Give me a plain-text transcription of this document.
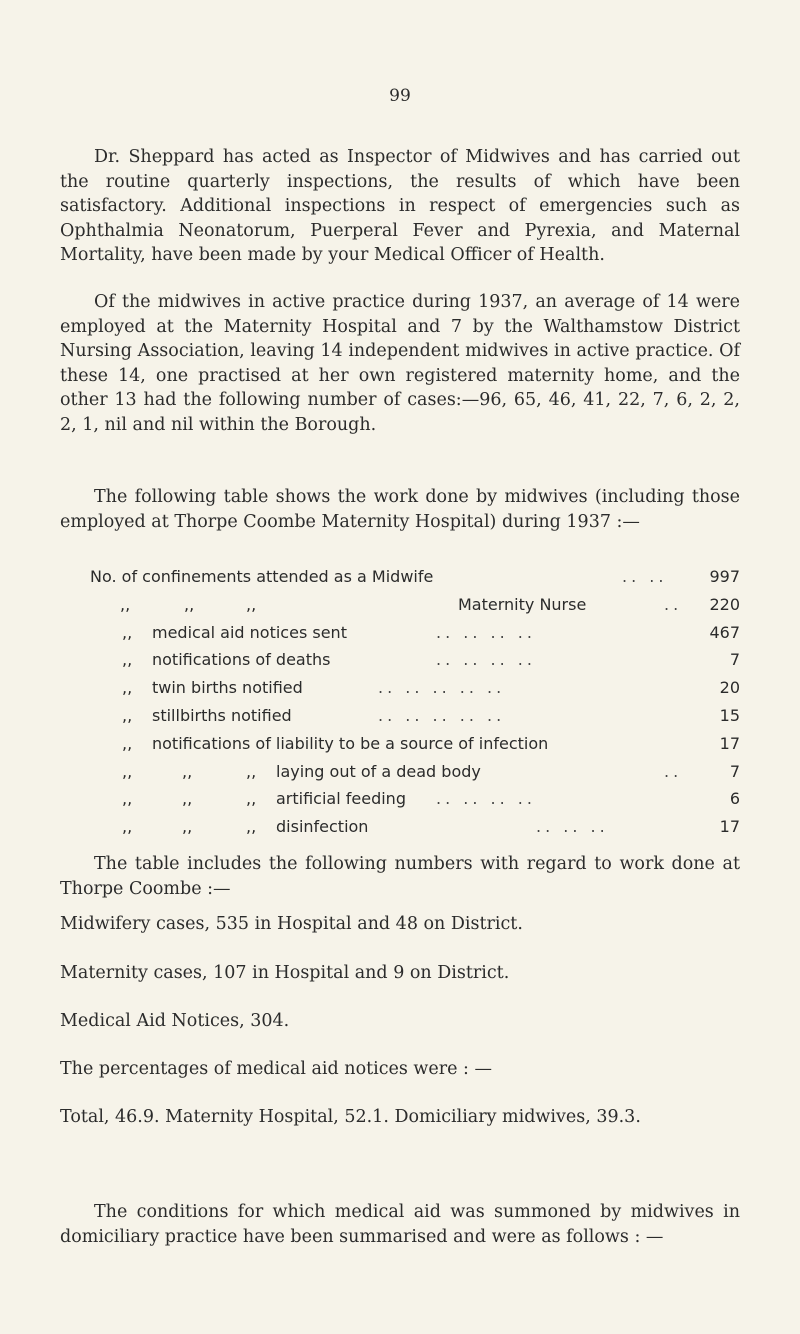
99

Dr. Sheppard has acted as Inspector of Midwives and has carried out the routine quarterly inspections, the results of which have been satisfactory. Additional inspections in respect of emergencies such as Ophthalmia Neonatorum, Puerperal Fever and Pyrexia, and Maternal Mortality, have been made by your Medical Officer of Health.

Of the midwives in active practice during 1937, an average of 14 were employed at the Maternity Hospital and 7 by the Walthamstow District Nursing Association, leaving 14 independent midwives in active practice. Of these 14, one practised at her own registered maternity home, and the other 13 had the following number of cases:—96, 65, 46, 41, 22, 7, 6, 2, 2, 2, 1, nil and nil within the Borough.

The following table shows the work done by midwives (including those employed at Thorpe Coombe Maternity Hospital) during 1937 :—

No. of confinements attended as a Midwife	.. ..	997
,,	,,	,,	Maternity Nurse	..	220
,, medical aid notices sent	.. .. .. ..	467
,, notifications of deaths	.. .. .. ..	7
,, twin births notified	.. .. .. .. ..	20
,, stillbirths notified	.. .. .. .. ..	15
,, notifications of liability to be a source of infection	17
,,	,,	,, laying out of a dead body	..	7
,,	,,	,, artificial feeding .. .. .. ..	6
,,	,,	,, disinfection	.. .. ..	17

The table includes the following numbers with regard to work done at Thorpe Coombe :—

Midwifery cases, 535 in Hospital and 48 on District.

Maternity cases, 107 in Hospital and 9 on District.

Medical Aid Notices, 304.

The percentages of medical aid notices were : —

Total, 46.9. Maternity Hospital, 52.1. Domiciliary midwives, 39.3.

The conditions for which medical aid was summoned by midwives in domiciliary practice have been summarised and were as follows : —
